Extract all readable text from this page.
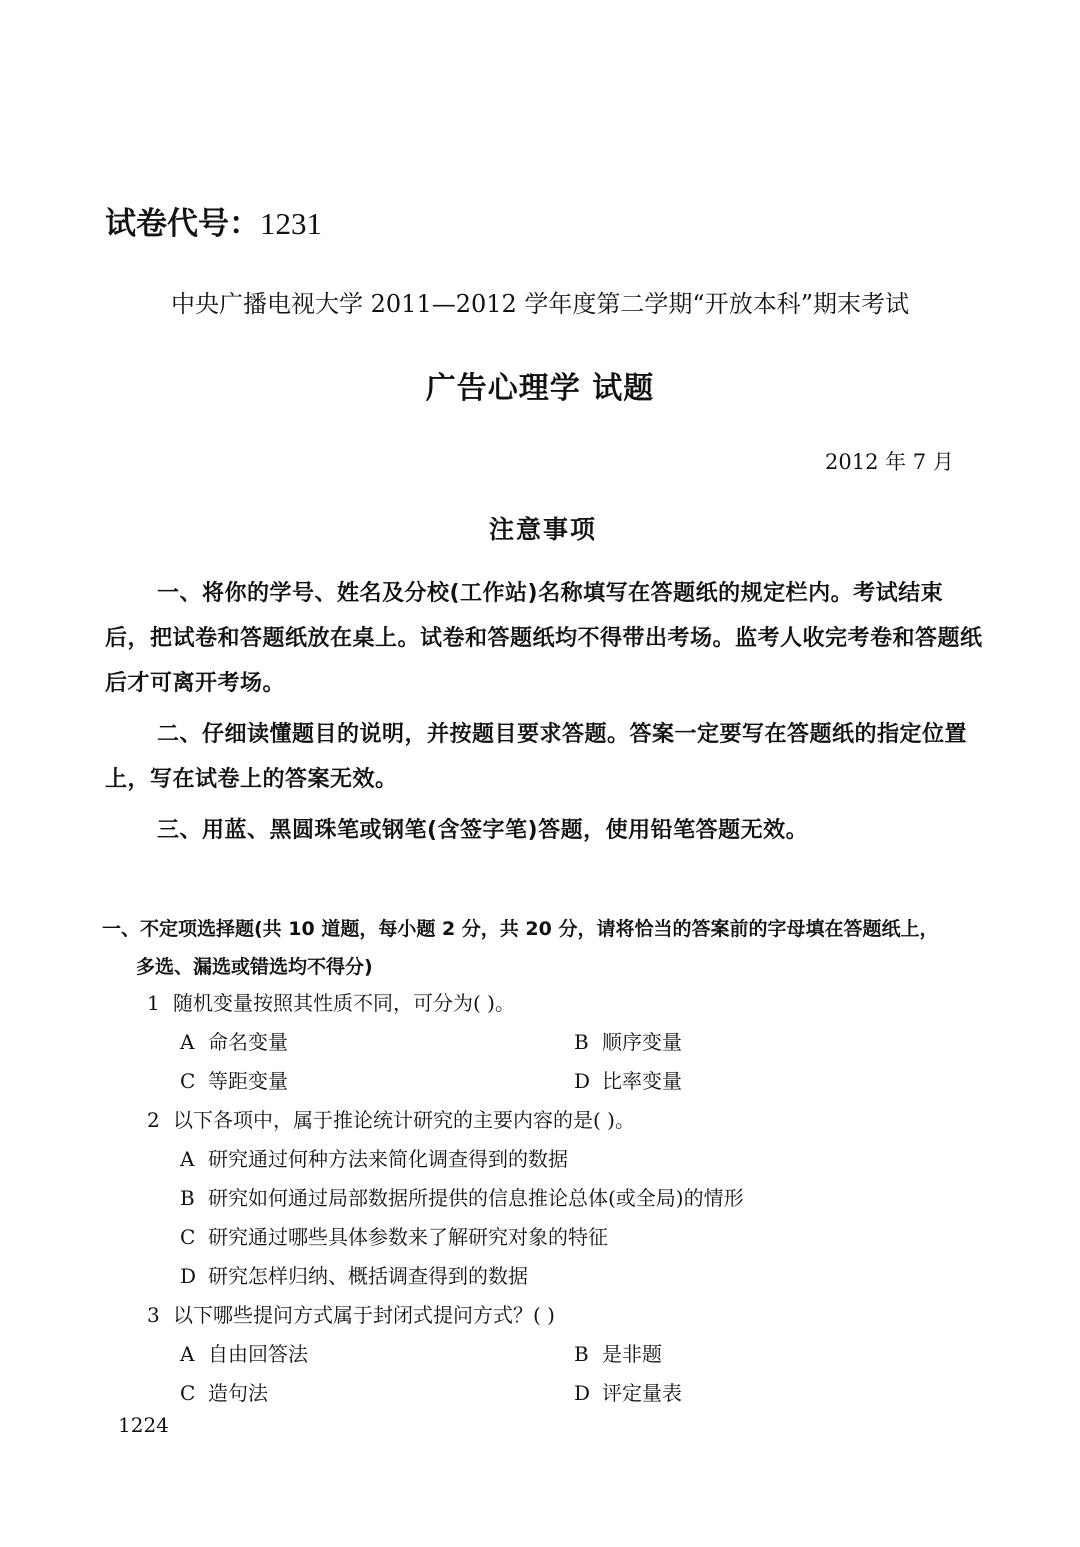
试卷代号：1231
中央广播电视大学 2011—2012 学年度第二学期“开放本科”期末考试
广告心理学 试题
2012 年 7 月
注意事项

一、将你的学号、姓名及分校(工作站)名称填写在答题纸的规定栏内。考试结束后，把试卷和答题纸放在桌上。试卷和答题纸均不得带出考场。监考人收完考卷和答题纸后才可离开考场。

二、仔细读懂题目的说明，并按题目要求答题。答案一定要写在答题纸的指定位置上，写在试卷上的答案无效。

三、用蓝、黑圆珠笔或钢笔(含签字笔)答题，使用铅笔答题无效。

一、不定项选择题(共 10 道题，每小题 2 分，共 20 分，请将恰当的答案前的字母填在答题纸上，
多选、漏选或错选均不得分)
1 随机变量按照其性质不同，可分为( )。
A 命名变量	B 顺序变量
C 等距变量	D 比率变量
2 以下各项中，属于推论统计研究的主要内容的是( )。
A 研究通过何种方法来简化调查得到的数据
B 研究如何通过局部数据所提供的信息推论总体(或全局)的情形
C 研究通过哪些具体参数来了解研究对象的特征
D 研究怎样归纳、概括调查得到的数据
3 以下哪些提问方式属于封闭式提问方式？( )
A 自由回答法	B 是非题
C 造句法	D 评定量表
1224
